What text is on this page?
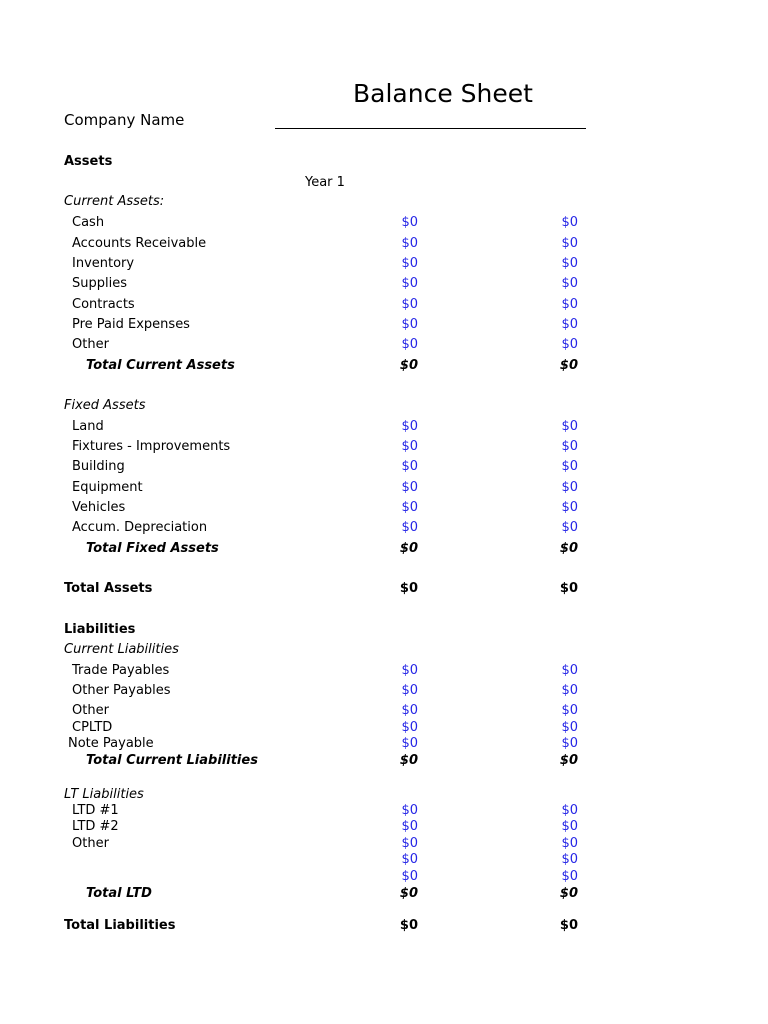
Balance Sheet
Company Name
Year 1
Assets
Current Assets:
Cash	$0	$0
Accounts Receivable	$0	$0
Inventory	$0	$0
Supplies	$0	$0
Contracts	$0	$0
Pre Paid Expenses	$0	$0
Other	$0	$0
Total Current Assets	$0	$0
Fixed Assets
Land	$0	$0
Fixtures - Improvements	$0	$0
Building	$0	$0
Equipment	$0	$0
Vehicles	$0	$0
Accum. Depreciation	$0	$0
Total Fixed Assets	$0	$0
Total Assets	$0	$0
Liabilities
Current Liabilities
Trade Payables	$0	$0
Other Payables	$0	$0
Other	$0	$0
CPLTD	$0	$0
Note Payable	$0	$0
Total Current Liabilities	$0	$0
LT Liabilities
LTD #1	$0	$0
LTD #2	$0	$0
Other	$0	$0
$0	$0
$0	$0
Total LTD	$0	$0
Total Liabilities	$0	$0
